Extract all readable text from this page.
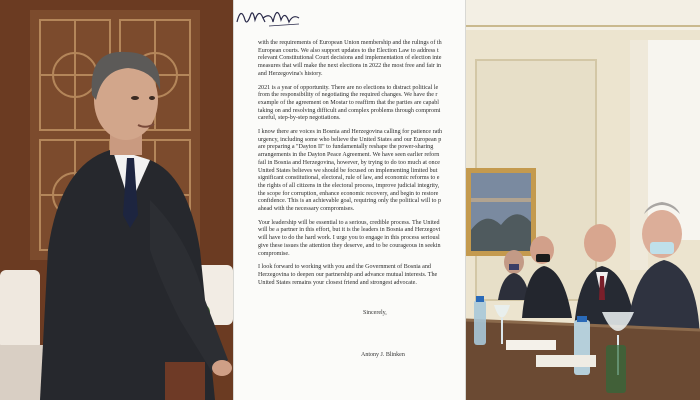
with the requirements of European Union membership and the rulings of th
European courts. We also support updates to the Election Law to address t
relevant Constitutional Court decisions and implementation of election inte
measures that will make the next elections in 2022 the most free and fair in
and Herzegovina's history.

2021 is a year of opportunity. There are no elections to distract political le
from the responsibility of negotiating the required changes. We have the r
example of the agreement on Mostar to reaffirm that the parties are capabl
taking on and resolving difficult and complex problems through compromi
careful, step-by-step negotiations.

I know there are voices in Bosnia and Herzegovina calling for patience rath
urgency, including some who believe the United States and our European p
are preparing a "Dayton II" to fundamentally reshape the power-sharing
arrangements in the Dayton Peace Agreement. We have seen earlier reforn
fail in Bosnia and Herzegovina, however, by trying to do too much at once
United States believes we should be focused on implementing limited but
significant constitutional, electoral, rule of law, and economic reforms to e
the rights of all citizens in the electoral process, improve judicial integrity,
the scope for corruption, enhance economic recovery, and begin to restore
confidence. This is an achievable goal, requiring only the political will to p
ahead with the necessary compromises.

Your leadership will be essential to a serious, credible process. The United
will be a partner in this effort, but it is the leaders in Bosnia and Herzegovi
will have to do the hard work. I urge you to engage in this process seriousl
give these issues the attention they deserve, and to be courageous in seekin
compromise.

I look forward to working with you and the Government of Bosnia and
Herzegovina to deepen our partnership and advance mutual interests. The
United States remains your closest friend and strongest advocate.

Sincerely,
Antony J. Blinken
